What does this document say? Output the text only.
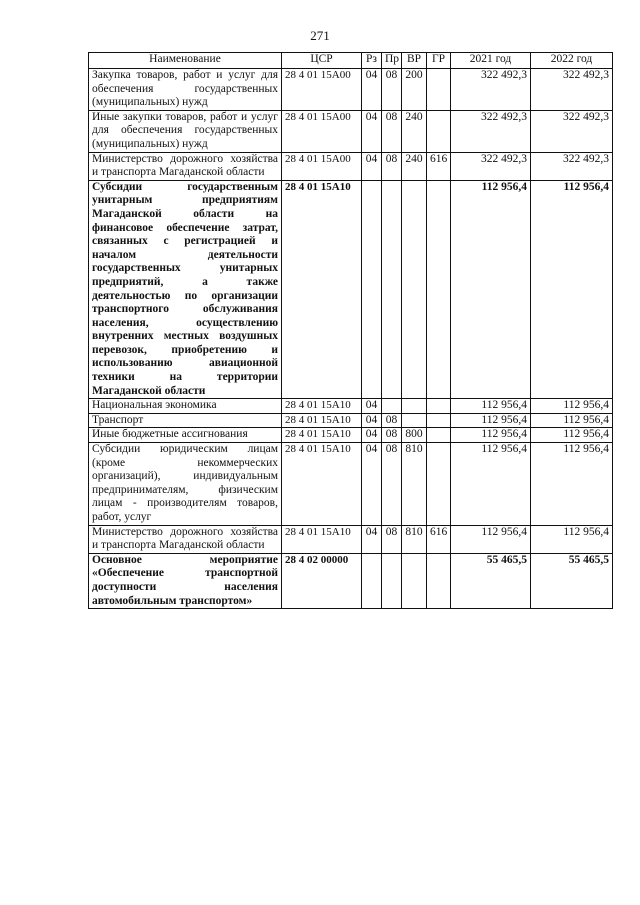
271
Наименование	ЦСР	Рз	Пр	ВР	ГР	2021 год	2022 год
Закупка товаров, работ и услуг для обеспечения государственных (муниципальных) нужд	28 4 01 15А00	04	08	200		322 492,3	322 492,3
Иные закупки товаров, работ и услуг для обеспечения государственных (муниципальных) нужд	28 4 01 15А00	04	08	240		322 492,3	322 492,3
Министерство дорожного хозяйства и транспорта Магаданской области	28 4 01 15А00	04	08	240	616	322 492,3	322 492,3
Субсидии государственным унитарным предприятиям Магаданской области на финансовое обеспечение затрат, связанных с регистрацией и началом деятельности государственных унитарных предприятий, а также деятельностью по организации транспортного обслуживания населения, осуществлению внутренних местных воздушных перевозок, приобретению и использованию авиационной техники на территории Магаданской области	28 4 01 15А10					112 956,4	112 956,4
Национальная экономика	28 4 01 15А10	04				112 956,4	112 956,4
Транспорт	28 4 01 15А10	04	08			112 956,4	112 956,4
Иные бюджетные ассигнования	28 4 01 15А10	04	08	800		112 956,4	112 956,4
Субсидии юридическим лицам (кроме некоммерческих организаций), индивидуальным предпринимателям, физическим лицам - производителям товаров, работ, услуг	28 4 01 15А10	04	08	810		112 956,4	112 956,4
Министерство дорожного хозяйства и транспорта Магаданской области	28 4 01 15А10	04	08	810	616	112 956,4	112 956,4
Основное мероприятие «Обеспечение транспортной доступности населения автомобильным транспортом»	28 4 02 00000					55 465,5	55 465,5
